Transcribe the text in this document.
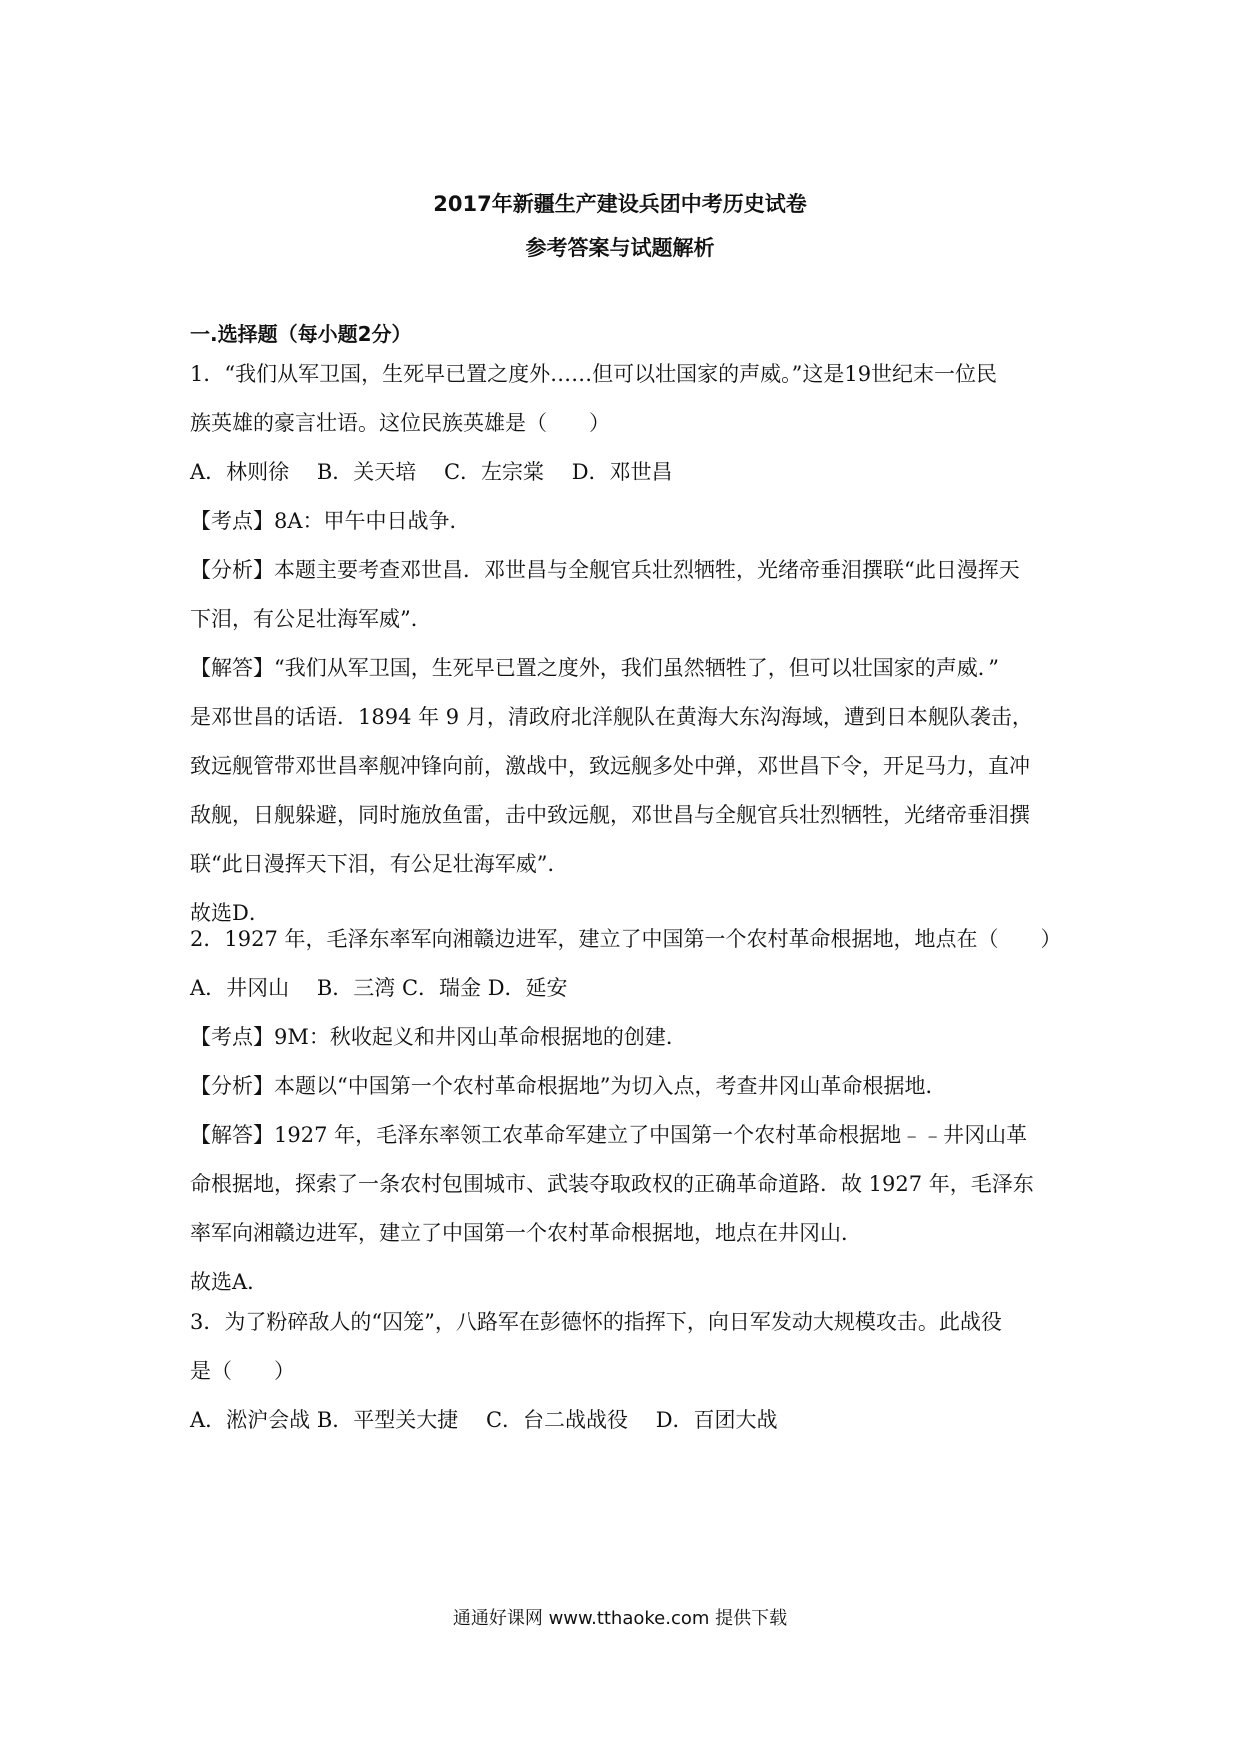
2017年新疆生产建设兵团中考历史试卷
参考答案与试题解析
一.选择题（每小题2分）

1．“我们从军卫国，生死早已置之度外……但可以壮国家的声威。”这是19世纪末一位民

族英雄的豪言壮语。这位民族英雄是（　　）

A．林则徐　 B．关天培　 C．左宗棠　 D．邓世昌

【考点】8A：甲午中日战争．

【分析】本题主要考查邓世昌．邓世昌与全舰官兵壮烈牺牲，光绪帝垂泪撰联“此日漫挥天

下泪，有公足壮海军威”．

【解答】“我们从军卫国，生死早已置之度外，我们虽然牺牲了，但可以壮国家的声威．”

是邓世昌的话语．1894 年 9 月，清政府北洋舰队在黄海大东沟海域，遭到日本舰队袭击，

致远舰管带邓世昌率舰冲锋向前，激战中，致远舰多处中弹，邓世昌下令，开足马力，直冲

敌舰，日舰躲避，同时施放鱼雷，击中致远舰，邓世昌与全舰官兵壮烈牺牲，光绪帝垂泪撰

联“此日漫挥天下泪，有公足壮海军威”．

故选D．

2．1927 年，毛泽东率军向湘赣边进军，建立了中国第一个农村革命根据地，地点在（　　）

A．井冈山　 B．三湾 C．瑞金 D．延安

【考点】9M：秋收起义和井冈山革命根据地的创建．

【分析】本题以“中国第一个农村革命根据地”为切入点，考查井冈山革命根据地．

【解答】1927 年，毛泽东率领工农革命军建立了中国第一个农村革命根据地﹣﹣井冈山革

命根据地，探索了一条农村包围城市、武装夺取政权的正确革命道路．故 1927 年，毛泽东

率军向湘赣边进军，建立了中国第一个农村革命根据地，地点在井冈山．

故选A．

3．为了粉碎敌人的“囚笼”，八路军在彭德怀的指挥下，向日军发动大规模攻击。此战役

是（　　）

A．淞沪会战 B．平型关大捷　 C．台二战战役　 D．百团大战

通通好课网 www.tthaoke.com 提供下载
